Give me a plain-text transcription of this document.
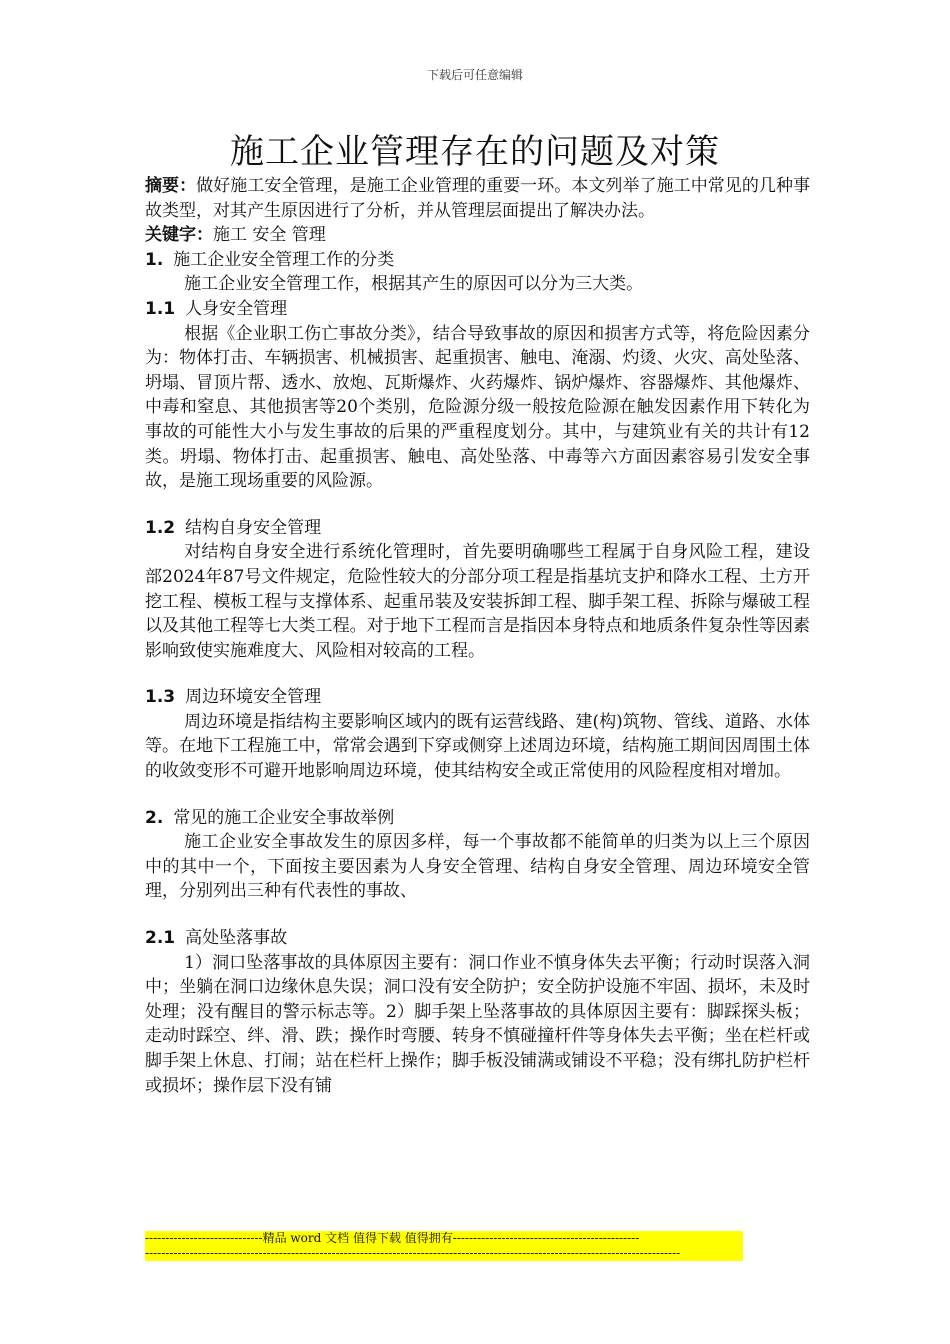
下载后可任意编辑
施工企业管理存在的问题及对策

摘要：做好施工安全管理，是施工企业管理的重要一环。本文列举了施工中常见的几种事故类型，对其产生原因进行了分析，并从管理层面提出了解决办法。

关键字：施工 安全 管理

1. 施工企业安全管理工作的分类

施工企业安全管理工作，根据其产生的原因可以分为三大类。

1.1 人身安全管理

根据《企业职工伤亡事故分类》，结合导致事故的原因和损害方式等，将危险因素分为：物体打击、车辆损害、机械损害、起重损害、触电、淹溺、灼烫、火灾、高处坠落、坍塌、冒顶片帮、透水、放炮、瓦斯爆炸、火药爆炸、锅炉爆炸、容器爆炸、其他爆炸、中毒和窒息、其他损害等20个类别，危险源分级一般按危险源在触发因素作用下转化为事故的可能性大小与发生事故的后果的严重程度划分。其中，与建筑业有关的共计有12类。坍塌、物体打击、起重损害、触电、高处坠落、中毒等六方面因素容易引发安全事故，是施工现场重要的风险源。

1.2 结构自身安全管理

对结构自身安全进行系统化管理时，首先要明确哪些工程属于自身风险工程，建设部2024年87号文件规定，危险性较大的分部分项工程是指基坑支护和降水工程、土方开挖工程、模板工程与支撑体系、起重吊装及安装拆卸工程、脚手架工程、拆除与爆破工程以及其他工程等七大类工程。对于地下工程而言是指因本身特点和地质条件复杂性等因素影响致使实施难度大、风险相对较高的工程。

1.3 周边环境安全管理

周边环境是指结构主要影响区域内的既有运营线路、建(构)筑物、管线、道路、水体等。在地下工程施工中，常常会遇到下穿或侧穿上述周边环境，结构施工期间因周围土体的收敛变形不可避开地影响周边环境，使其结构安全或正常使用的风险程度相对增加。

2. 常见的施工企业安全事故举例

施工企业安全事故发生的原因多样，每一个事故都不能简单的归类为以上三个原因中的其中一个，下面按主要因素为人身安全管理、结构自身安全管理、周边环境安全管理，分别列出三种有代表性的事故、

2.1 高处坠落事故

1）洞口坠落事故的具体原因主要有：洞口作业不慎身体失去平衡；行动时误落入洞中；坐躺在洞口边缘休息失误；洞口没有安全防护；安全防护设施不牢固、损坏，未及时处理；没有醒目的警示标志等。2）脚手架上坠落事故的具体原因主要有：脚踩探头板；走动时踩空、绊、滑、跌；操作时弯腰、转身不慎碰撞杆件等身体失去平衡；坐在栏杆或脚手架上休息、打闹；站在栏杆上操作；脚手板没铺满或铺设不平稳；没有绑扎防护栏杆或损坏；操作层下没有铺

-----------------------------精品 word 文档 值得下载 值得拥有----------------------------------------------
------------------------------------------------------------------------------------------------------------------------------------
